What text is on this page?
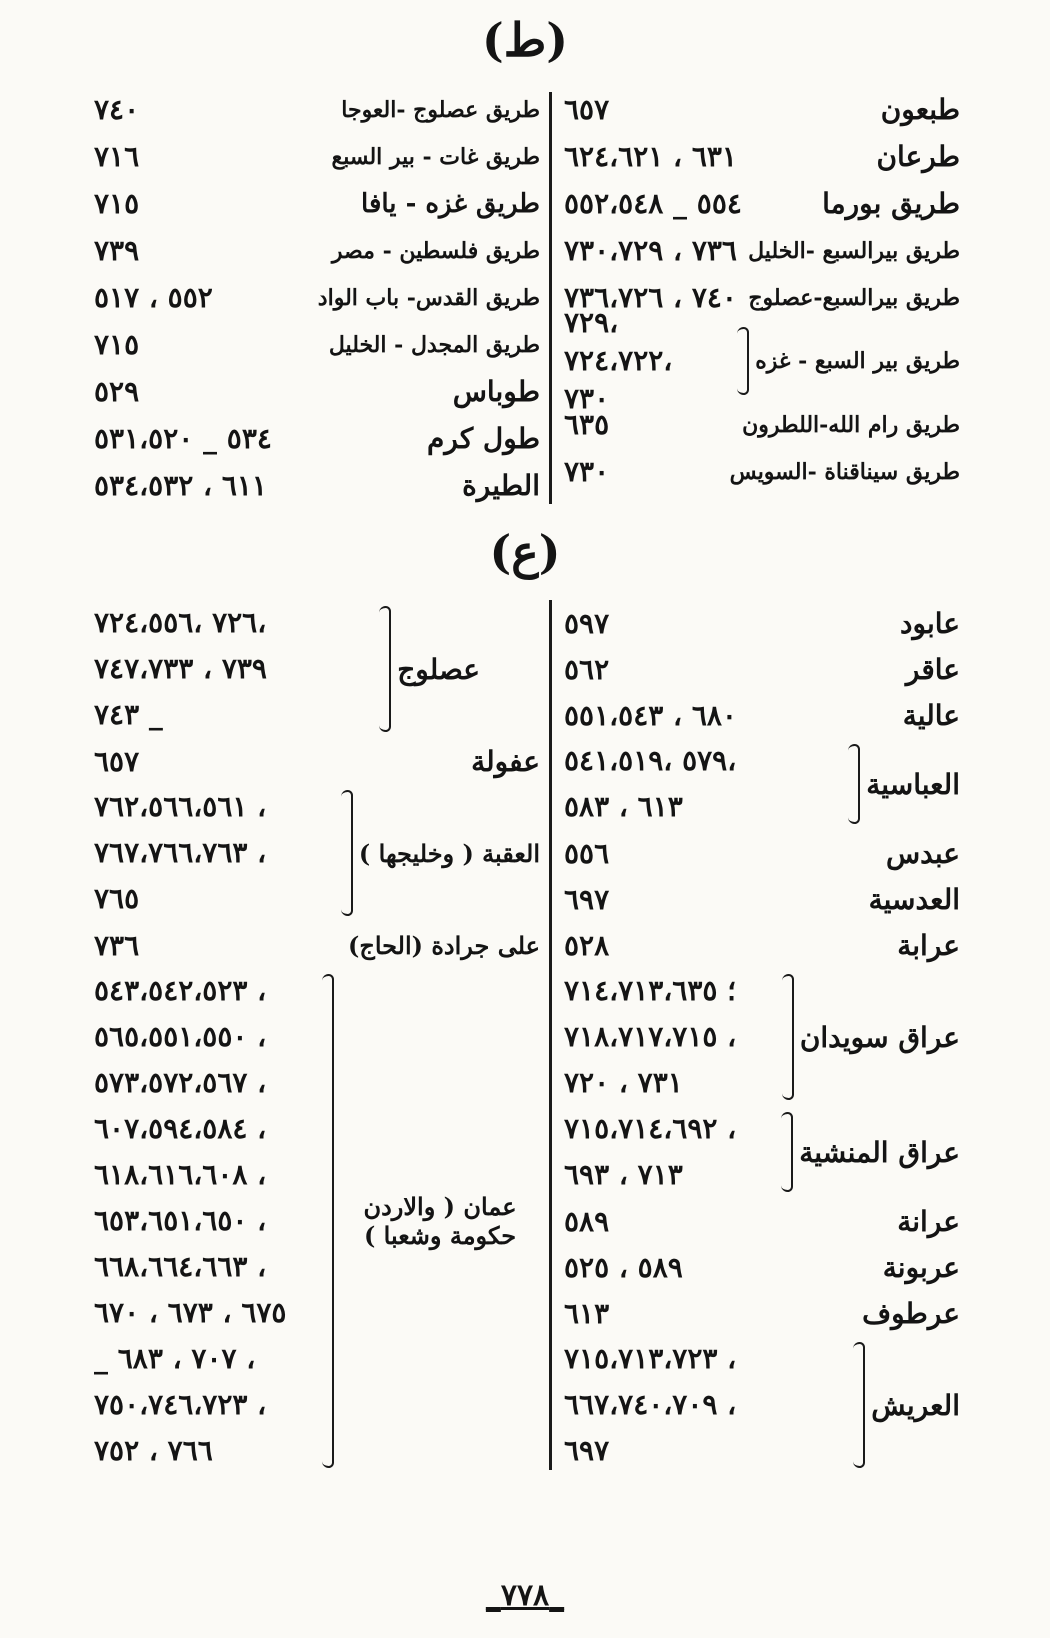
(ط)
طبعون
٦٥٧
طرعان
٦٣١ ، ٦٢٤،٦٢١
طريق بورما
٥٥٤ _ ٥٥٢،٥٤٨
طريق بيرالسبع -الخليل
٧٣٦ ، ٧٣٠،٧٢٩
طريق بيرالسبع-عصلوج
٧٤٠ ، ٧٣٦،٧٢٦
طريق بير السبع - غزه
،٧٢٩ ،٧٢٤،٧٢٢
٧٣٠
طريق رام الله-اللطرون
٦٣٥
طريق سيناقناة -السويس
٧٣٠
طريق عصلوج -العوجا
٧٤٠
طريق غات - بير السبع
٧١٦
طريق غزه - يافا
٧١٥
طريق فلسطين - مصر
٧٣٩
طريق القدس- باب الواد
٥٥٢ ، ٥١٧
طريق المجدل - الخليل
٧١٥
طوباس
٥٢٩
طول كرم
٥٣٤ _ ٥٣١،٥٢٠
الطيرة
٦١١ ، ٥٣٤،٥٣٢
(ع)
عابود
٥٩٧
عاقر
٥٦٢
عالية
٦٨٠ ، ٥٥١،٥٤٣
العباسية
،٥٧٩ ،٥٤١،٥١٩
٦١٣ ، ٥٨٣
عبدس
٥٥٦
العدسية
٦٩٧
عرابة
٥٢٨
عراق سويدان
؛ ٧١٤،٧١٣،٦٣٥
، ٧١٨،٧١٧،٧١٥
٧٣١ ، ٧٢٠
عراق المنشية
، ٧١٥،٧١٤،٦٩٢
٧١٣ ، ٦٩٣
عرانة
٥٨٩
عربونة
٥٨٩ ، ٥٢٥
عرطوف
٦١٣
العريش
، ٧١٥،٧١٣،٧٢٣
، ٦٦٧،٧٤٠،٧٠٩
٦٩٧
عصلوج
،٧٢٦ ،٧٢٤،٥٥٦
٧٣٩ ، ٧٤٧،٧٣٣
_ ٧٤٣
عفولة
٦٥٧
العقبة ( وخليجها )
، ٧٦٢،٥٦٦،٥٦١
، ٧٦٧،٧٦٦،٧٦٣
٧٦٥
على جرادة (الحاج)
٧٣٦
عمان ( والاردن حكومة وشعبا )
، ٥٤٣،٥٤٢،٥٢٣
، ٥٦٥،٥٥١،٥٥٠
، ٥٧٣،٥٧٢،٥٦٧
، ٦٠٧،٥٩٤،٥٨٤
، ٦١٨،٦١٦،٦٠٨
، ٦٥٣،٦٥١،٦٥٠
، ٦٦٨،٦٦٤،٦٦٣
٦٧٥ ، ٦٧٣ ، ٦٧٠
، ٧٠٧ ، ٦٨٣ _
، ٧٥٠،٧٤٦،٧٢٣
٧٦٦ ، ٧٥٢
_٧٧٨_
